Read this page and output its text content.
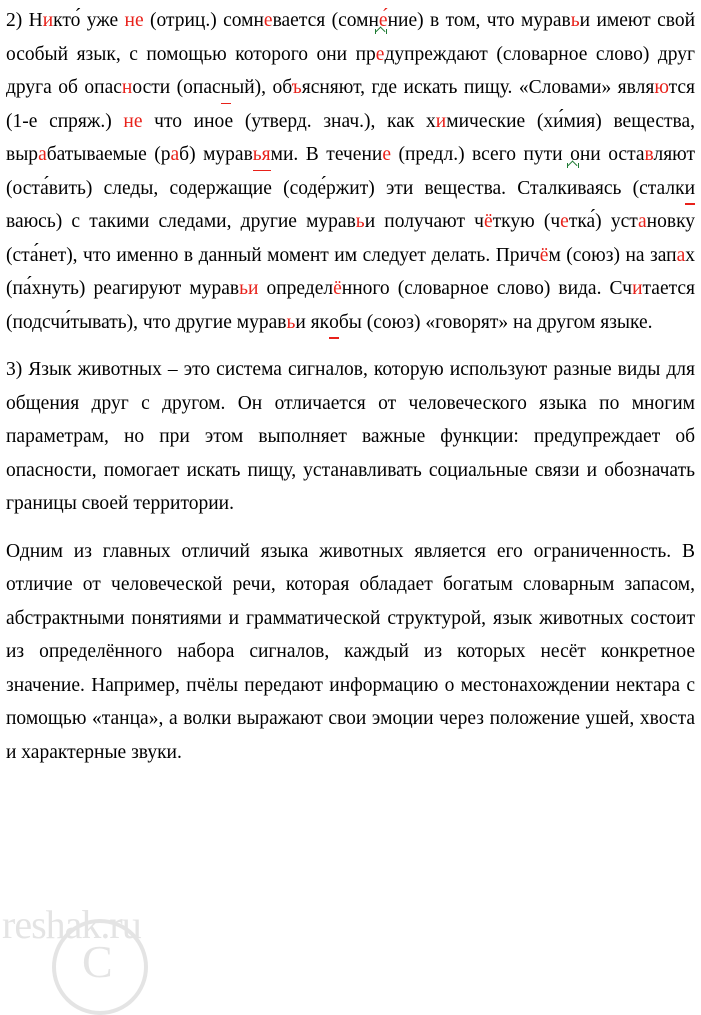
2) Никто́ уже не (отриц.) сомневается (сомне́ние) в том, что муравьи имеют свой особый язык, с помощью которого они предупреждают (словарное слово) друг друга об опасности (опасный), объясняют, где искать пищу. «Словами» являются (1-е спряж.) не что иное (утверд. знач.), как химические (хи́мия) вещества, вырабатываемые (раб) муравьями. В течение (предл.) всего пути они оставляют (оста́вить) следы, содержащие (соде́ржит) эти вещества. Сталкиваясь (сталкиваюсь) с такими следами, другие муравьи получают чёткую (четка́) установку (ста́нет), что именно в данный момент им следует делать. Причём (союз) на запах (па́хнуть) реагируют муравьи определённого (словарное слово) вида. Считается (подсчи́тывать), что другие муравьи якобы (союз) «говорят» на другом языке.

3) Язык животных – это система сигналов, которую используют разные виды для общения друг с другом. Он отличается от человеческого языка по многим параметрам, но при этом выполняет важные функции: предупреждает об опасности, помогает искать пищу, устанавливать социальные связи и обозначать границы своей территории.

Одним из главных отличий языка животных является его ограниченность. В отличие от человеческой речи, которая обладает богатым словарным запасом, абстрактными понятиями и грамматической структурой, язык животных состоит из определённого набора сигналов, каждый из которых несёт конкретное значение. Например, пчёлы передают информацию о местонахождении нектара с помощью «танца», а волки выражают свои эмоции через положение ушей, хвоста и характерные звуки.

reshak.ru
C
